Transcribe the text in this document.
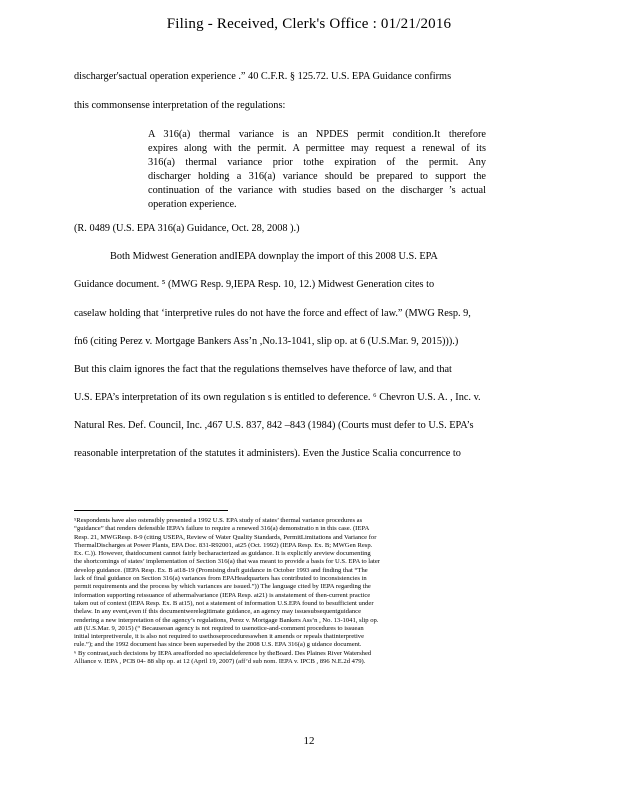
Filing - Received, Clerk's Office : 01/21/2016
discharger'sactual operation experience .” 40 C.F.R. § 125.72. U.S. EPA Guidance confirms
this commonsense interpretation of the regulations:
A 316(a) thermal variance is an NPDES permit condition.It therefore
expires along with the permit. A permittee may request a renewal of its
316(a) thermal variance prior tothe expiration of the permit. Any
discharger holding a 316(a) variance should be prepared to support the
continuation of the variance with studies based on the discharger ’s actual
operation experience.
(R. 0489 (U.S. EPA 316(a) Guidance, Oct. 28, 2008 ).)
Both Midwest Generation andIEPA downplay the import of this 2008 U.S. EPA
Guidance document. ⁵ (MWG Resp. 9,IEPA Resp. 10, 12.) Midwest Generation cites to
caselaw holding that ‘interpretive rules do not have the force and effect of law.” (MWG Resp. 9,
fn6 (citing Perez v. Mortgage Bankers Ass’n ,No.13-1041, slip op. at 6 (U.S.Mar. 9, 2015))).)
But this claim ignores the fact that the regulations themselves have theforce of law, and that
U.S. EPA’s interpretation of its own regulation s is entitled to deference. ⁶ Chevron U.S. A. , Inc. v.
Natural Res. Def. Council, Inc. ,467 U.S. 837, 842 –843 (1984) (Courts must defer to U.S. EPA’s
reasonable interpretation of the statutes it administers). Even the Justice Scalia concurrence to
⁵Respondents have also ostensibly presented a 1992 U.S. EPA study of states’ thermal variance procedures as
“guidance” that renders defensible IEPA’s failure to require a renewed 316(a) demonstratio n in this case. (IEPA
Resp. 21, MWGResp. 8-9 (citing USEPA, Review of Water Quality Standards, PermitLimitations and Variance for
ThermalDischarges at Power Plants, EPA Doc. 831-R92001, at25 (Oct. 1992) (IEPA Resp. Ex. B; MWGen Resp.
Ex. C.)). However, thatdocument cannot fairly becharacterized as guidance. It is explicitly areview documenting
the shortcomings of states’ implementation of Section 316(a) that was meant to provide a basis for U.S. EPA to later
develop guidance. (IEPA Resp. Ex. B at18-19 (Promising draft guidance in October 1993 and finding that “The
lack of final guidance on Section 316(a) variances from EPAHeadquarters has contributed to inconsistencies in
permit requirements and the process by which variances are issued.”)) The language cited by IEPA regarding the
information supporting reissuance of athermalvariance (IEPA Resp. at21) is anstatement of then-current practice
taken out of context (IEPA Resp. Ex. B at15), not a statement of information U.S.EPA found to besufficient under
thelaw. In any event,even if this documentwerelegitimate guidance, an agency may issuesubsequentguidance
rendering a new interpretation of the agency’s regulations, Perez v. Mortgage Bankers Ass’n , No. 13-1041, slip op.
at8 (U.S.Mar. 9, 2015) (“ Becauseoan agency is not required to usenotice-and-comment procedures to issuean
initial interpretiverule, it is also not required to usethoseproceduresswhen it amends or repeals thatinterpretive
rule.”); and the 1992 document has since been superseded by the 2008 U.S. EPA 316(a) g uidance document.
⁶ By contrast,such decisions by IEPA areafforded no specialdeference by theBoard. Des Plaines River Watershed
Alliance v. IEPA , PCB 04- 88 slip op. at 12 (April 19, 2007) (aff’d sub nom. IEPA v. IPCB , 896 N.E.2d 479).
12
